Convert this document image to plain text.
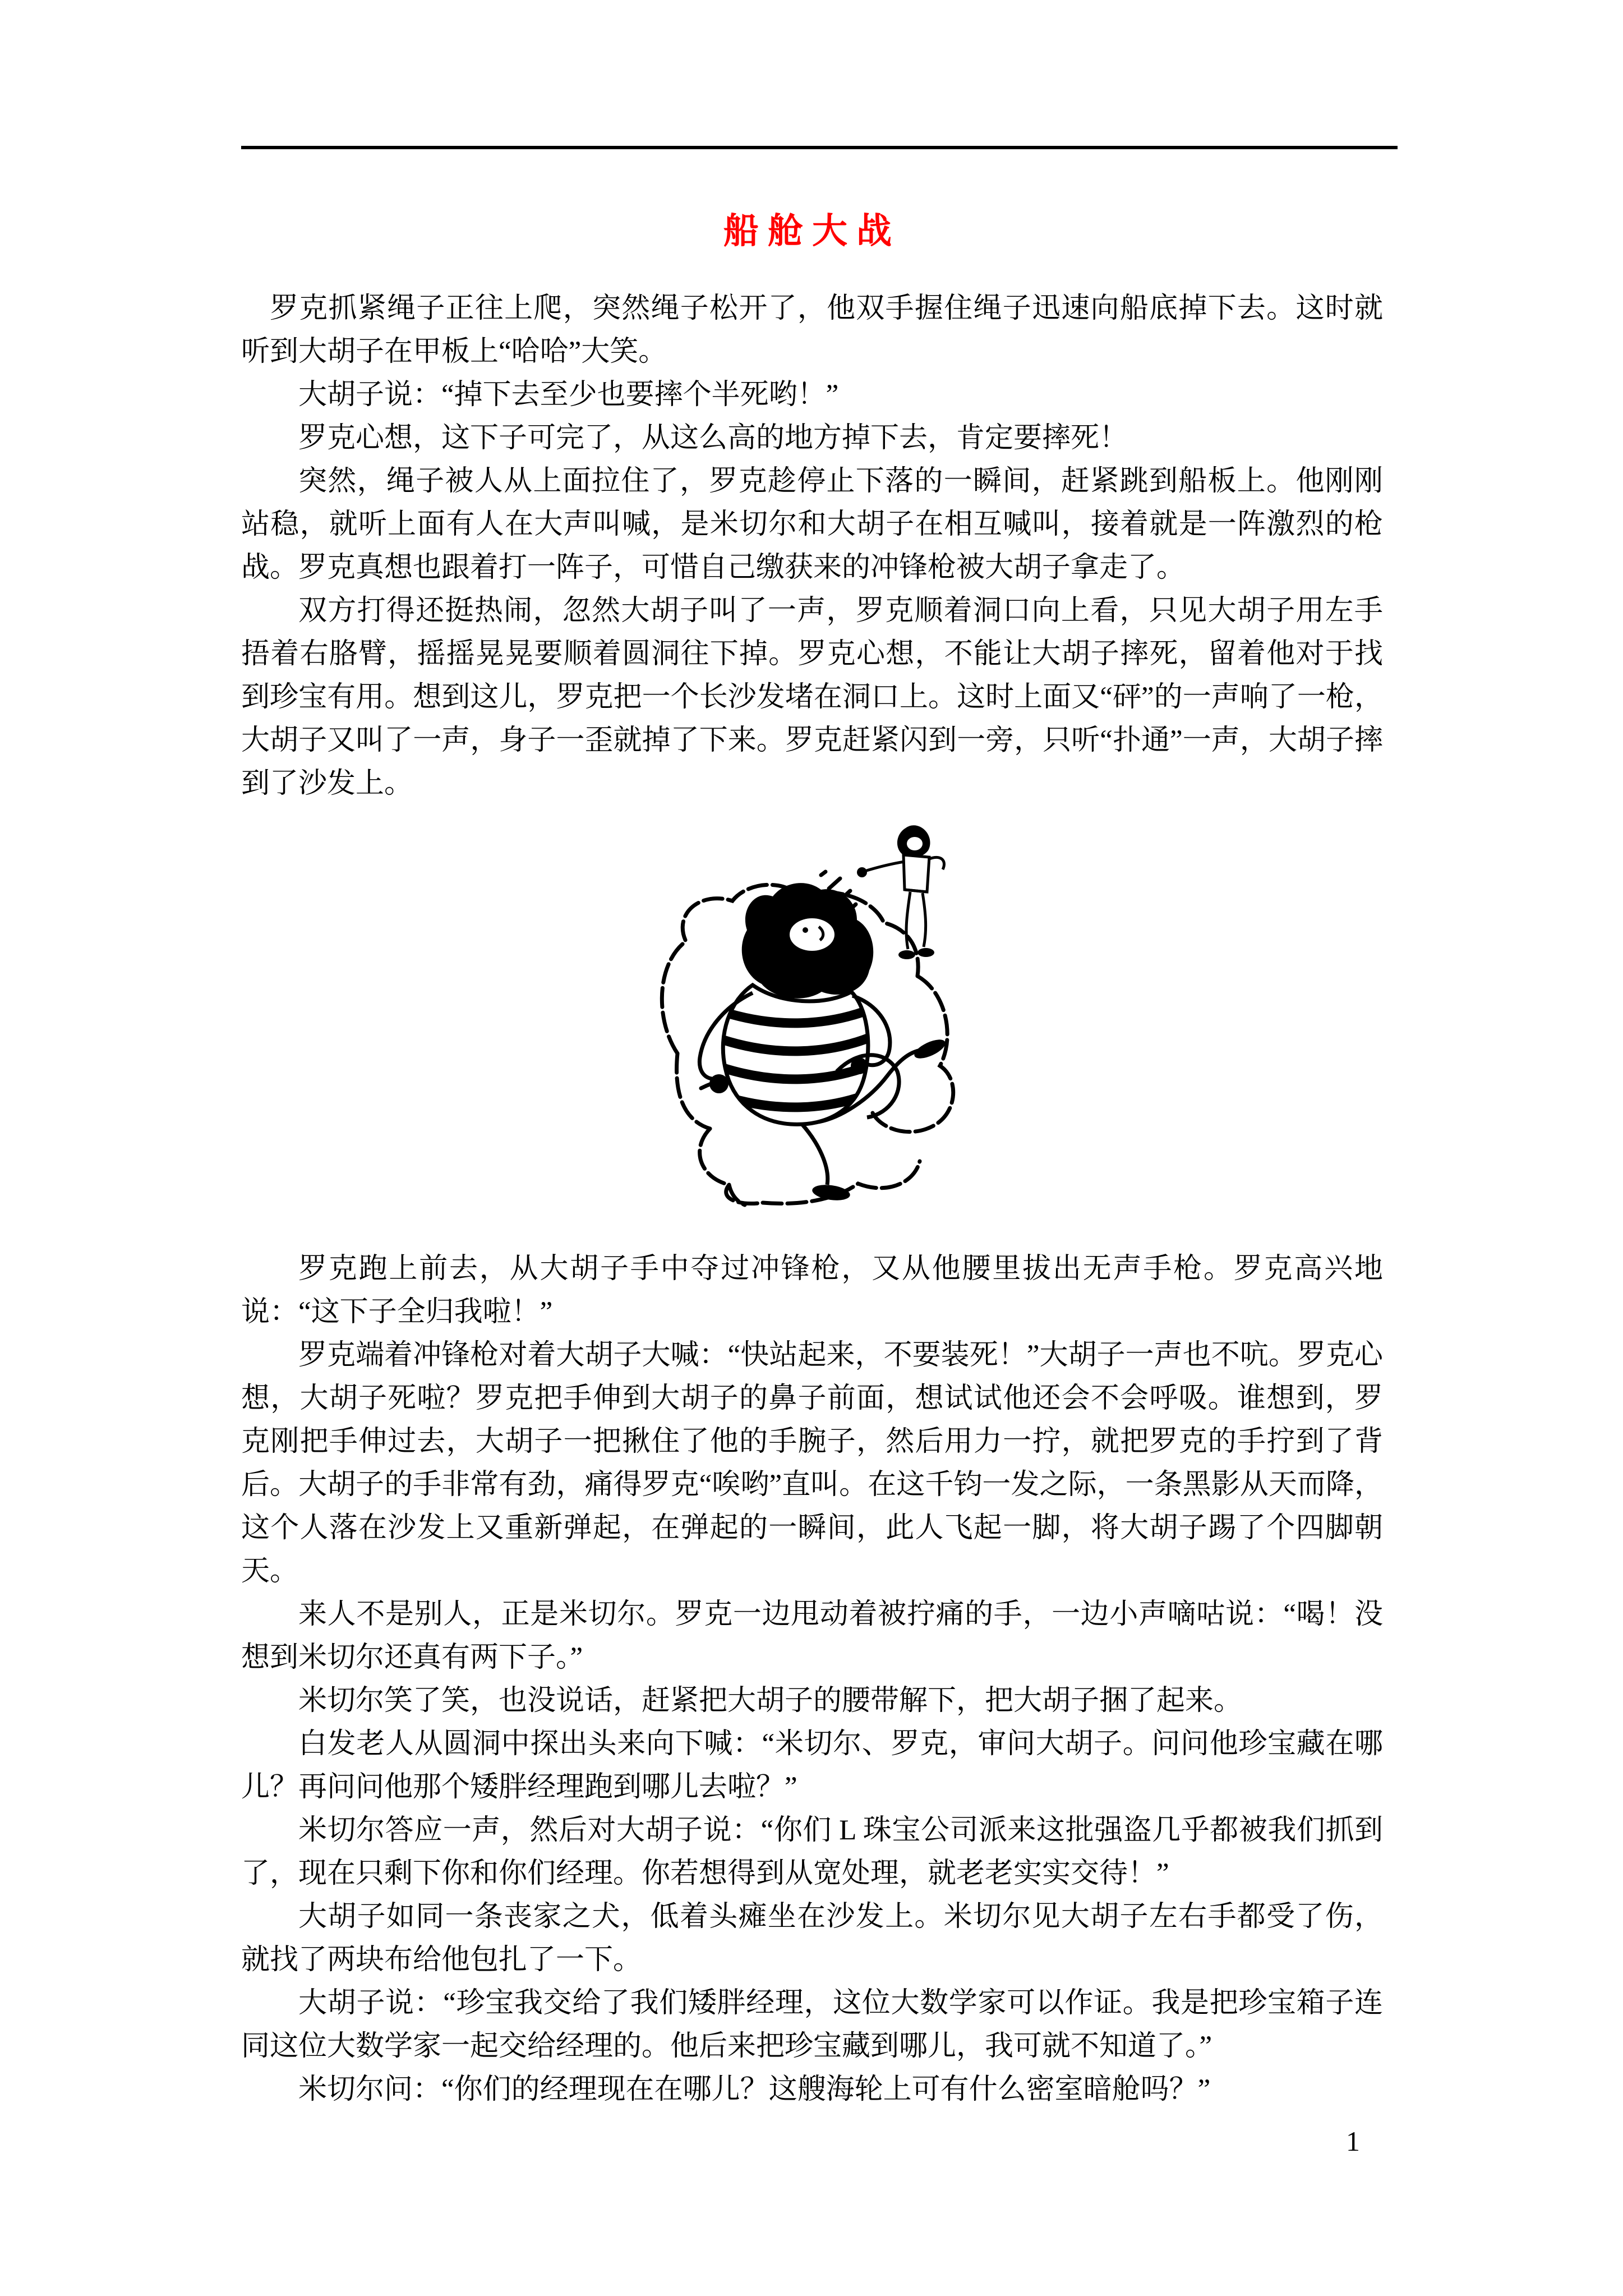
船舱大战

罗克抓紧绳子正往上爬，突然绳子松开了，他双手握住绳子迅速向船底掉下去。这时就听到大胡子在甲板上“哈哈”大笑。

大胡子说：“掉下去至少也要摔个半死哟！”

罗克心想，这下子可完了，从这么高的地方掉下去，肯定要摔死！

突然，绳子被人从上面拉住了，罗克趁停止下落的一瞬间，赶紧跳到船板上。他刚刚站稳，就听上面有人在大声叫喊，是米切尔和大胡子在相互喊叫，接着就是一阵激烈的枪战。罗克真想也跟着打一阵子，可惜自己缴获来的冲锋枪被大胡子拿走了。

双方打得还挺热闹，忽然大胡子叫了一声，罗克顺着洞口向上看，只见大胡子用左手捂着右胳臂，摇摇晃晃要顺着圆洞往下掉。罗克心想，不能让大胡子摔死，留着他对于找到珍宝有用。想到这儿，罗克把一个长沙发堵在洞口上。这时上面又“砰”的一声响了一枪，大胡子又叫了一声，身子一歪就掉了下来。罗克赶紧闪到一旁，只听“扑通”一声，大胡子摔到了沙发上。

罗克跑上前去，从大胡子手中夺过冲锋枪，又从他腰里拔出无声手枪。罗克高兴地说：“这下子全归我啦！”

罗克端着冲锋枪对着大胡子大喊：“快站起来，不要装死！”大胡子一声也不吭。罗克心想，大胡子死啦？罗克把手伸到大胡子的鼻子前面，想试试他还会不会呼吸。谁想到，罗克刚把手伸过去，大胡子一把揪住了他的手腕子，然后用力一拧，就把罗克的手拧到了背后。大胡子的手非常有劲，痛得罗克“唉哟”直叫。在这千钧一发之际，一条黑影从天而降，这个人落在沙发上又重新弹起，在弹起的一瞬间，此人飞起一脚，将大胡子踢了个四脚朝天。

来人不是别人，正是米切尔。罗克一边甩动着被拧痛的手，一边小声嘀咕说：“喝！没想到米切尔还真有两下子。”

米切尔笑了笑，也没说话，赶紧把大胡子的腰带解下，把大胡子捆了起来。

白发老人从圆洞中探出头来向下喊：“米切尔、罗克，审问大胡子。问问他珍宝藏在哪儿？再问问他那个矮胖经理跑到哪儿去啦？”

米切尔答应一声，然后对大胡子说：“你们 L 珠宝公司派来这批强盗几乎都被我们抓到了，现在只剩下你和你们经理。你若想得到从宽处理，就老老实实交待！”

大胡子如同一条丧家之犬，低着头瘫坐在沙发上。米切尔见大胡子左右手都受了伤，就找了两块布给他包扎了一下。

大胡子说：“珍宝我交给了我们矮胖经理，这位大数学家可以作证。我是把珍宝箱子连同这位大数学家一起交给经理的。他后来把珍宝藏到哪儿，我可就不知道了。”

米切尔问：“你们的经理现在在哪儿？这艘海轮上可有什么密室暗舱吗？”

1
